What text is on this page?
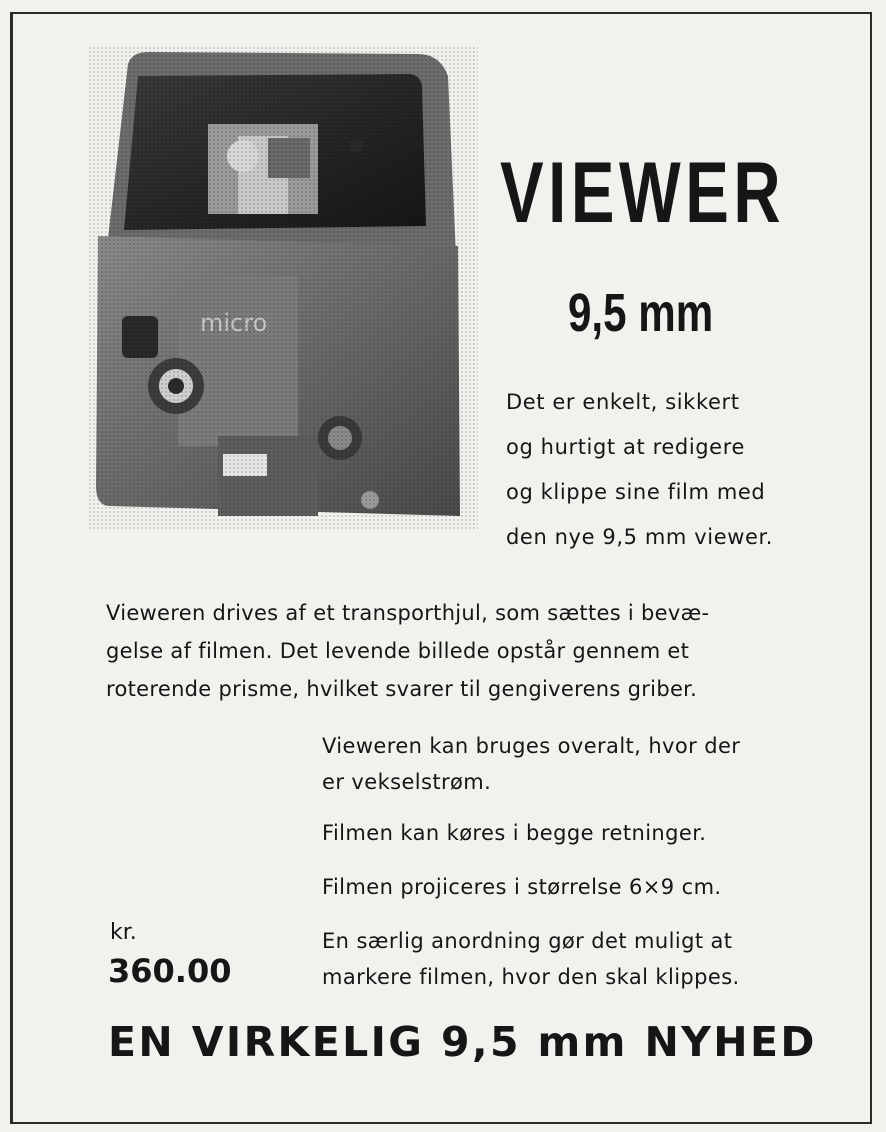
VIEWER
9,5 mm
Det er enkelt, sikkert
og hurtigt at redigere
og klippe sine film med
den nye 9,5 mm viewer.
Vieweren drives af et transporthjul, som sættes i bevæ-
gelse af filmen. Det levende billede opstår gennem et
roterende prisme, hvilket svarer til gengiverens griber.
Vieweren kan bruges overalt, hvor der
er vekselstrøm.
Filmen kan køres i begge retninger.
Filmen projiceres i størrelse 6×9 cm.
En særlig anordning gør det muligt at
markere filmen, hvor den skal klippes.
kr.
360.00
EN VIRKELIG 9,5 mm NYHED
